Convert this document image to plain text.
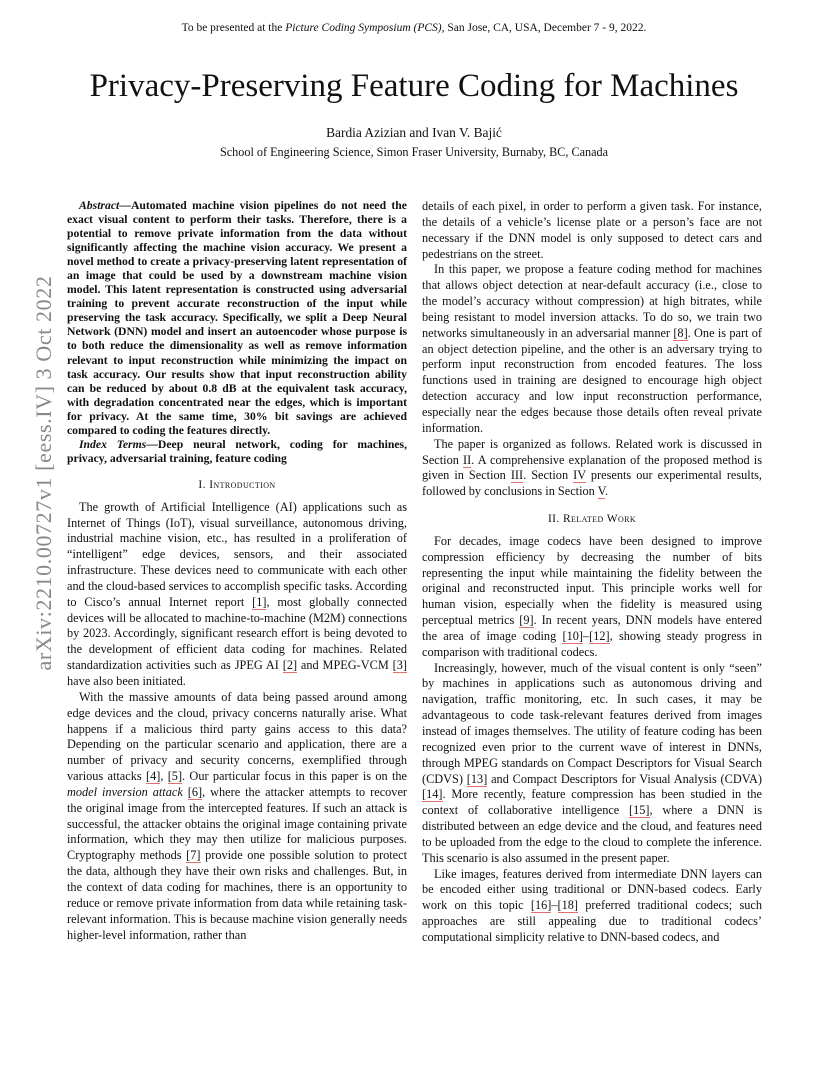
To be presented at the Picture Coding Symposium (PCS), San Jose, CA, USA, December 7 - 9, 2022.
Privacy-Preserving Feature Coding for Machines
Bardia Azizian and Ivan V. Bajić
School of Engineering Science, Simon Fraser University, Burnaby, BC, Canada
arXiv:2210.00727v1 [eess.IV] 3 Oct 2022

Abstract—Automated machine vision pipelines do not need the exact visual content to perform their tasks. Therefore, there is a potential to remove private information from the data without significantly affecting the machine vision accuracy. We present a novel method to create a privacy-preserving latent representation of an image that could be used by a downstream machine vision model. This latent representation is constructed using adversarial training to prevent accurate reconstruction of the input while preserving the task accuracy. Specifically, we split a Deep Neural Network (DNN) model and insert an autoencoder whose purpose is to both reduce the dimensionality as well as remove information relevant to input reconstruction while minimizing the impact on task accuracy. Our results show that input reconstruction ability can be reduced by about 0.8 dB at the equivalent task accuracy, with degradation concentrated near the edges, which is important for privacy. At the same time, 30% bit savings are achieved compared to coding the features directly.

Index Terms—Deep neural network, coding for machines, privacy, adversarial training, feature coding

I. Introduction

The growth of Artificial Intelligence (AI) applications such as Internet of Things (IoT), visual surveillance, autonomous driving, industrial machine vision, etc., has resulted in a proliferation of “intelligent” edge devices, sensors, and their associated infrastructure. These devices need to communicate with each other and the cloud-based services to accomplish specific tasks. According to Cisco’s annual Internet report [1], most globally connected devices will be allocated to machine-to-machine (M2M) connections by 2023. Accordingly, significant research effort is being devoted to the development of efficient data coding for machines. Related standardization activities such as JPEG AI [2] and MPEG-VCM [3] have also been initiated.

With the massive amounts of data being passed around among edge devices and the cloud, privacy concerns naturally arise. What happens if a malicious third party gains access to this data? Depending on the particular scenario and application, there are a number of privacy and security concerns, exemplified through various attacks [4], [5]. Our particular focus in this paper is on the model inversion attack [6], where the attacker attempts to recover the original image from the intercepted features. If such an attack is successful, the attacker obtains the original image containing private information, which they may then utilize for malicious purposes. Cryptography methods [7] provide one possible solution to protect the data, although they have their own risks and challenges. But, in the context of data coding for machines, there is an opportunity to reduce or remove private information from data while retaining task-relevant information. This is because machine vision generally needs higher-level information, rather than

details of each pixel, in order to perform a given task. For instance, the details of a vehicle’s license plate or a person’s face are not necessary if the DNN model is only supposed to detect cars and pedestrians on the street.

In this paper, we propose a feature coding method for machines that allows object detection at near-default accuracy (i.e., close to the model’s accuracy without compression) at high bitrates, while being resistant to model inversion attacks. To do so, we train two networks simultaneously in an adversarial manner [8]. One is part of an object detection pipeline, and the other is an adversary trying to perform input reconstruction from encoded features. The loss functions used in training are designed to encourage high object detection accuracy and low input reconstruction performance, especially near the edges because those details often reveal private information.

The paper is organized as follows. Related work is discussed in Section II. A comprehensive explanation of the proposed method is given in Section III. Section IV presents our experimental results, followed by conclusions in Section V.

II. Related Work

For decades, image codecs have been designed to improve compression efficiency by decreasing the number of bits representing the input while maintaining the fidelity between the original and reconstructed input. This principle works well for human vision, especially when the fidelity is measured using perceptual metrics [9]. In recent years, DNN models have entered the area of image coding [10]–[12], showing steady progress in comparison with traditional codecs.

Increasingly, however, much of the visual content is only “seen” by machines in applications such as autonomous driving and navigation, traffic monitoring, etc. In such cases, it may be advantageous to code task-relevant features derived from images instead of images themselves. The utility of feature coding has been recognized even prior to the current wave of interest in DNNs, through MPEG standards on Compact Descriptors for Visual Search (CDVS) [13] and Compact Descriptors for Visual Analysis (CDVA) [14]. More recently, feature compression has been studied in the context of collaborative intelligence [15], where a DNN is distributed between an edge device and the cloud, and features need to be uploaded from the edge to the cloud to complete the inference. This scenario is also assumed in the present paper.

Like images, features derived from intermediate DNN layers can be encoded either using traditional or DNN-based codecs. Early work on this topic [16]–[18] preferred traditional codecs; such approaches are still appealing due to traditional codecs’ computational simplicity relative to DNN-based codecs, and
